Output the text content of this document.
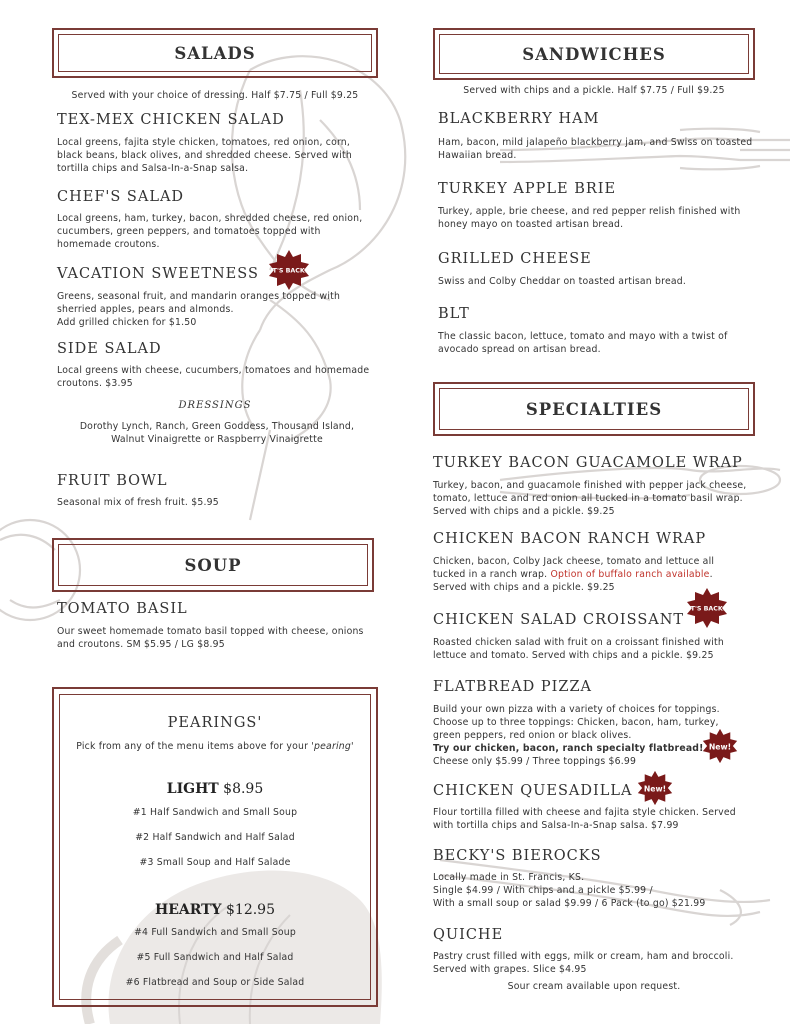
SALADS
Served with your choice of dressing. Half $7.75 / Full $9.25
TEX-MEX CHICKEN SALAD
Local greens, fajita style chicken, tomatoes, red onion, corn,
black beans, black olives, and shredded cheese. Served with
tortilla chips and Salsa-In-a-Snap salsa.
CHEF'S SALAD
Local greens, ham, turkey, bacon, shredded cheese, red onion,
cucumbers, green peppers, and tomatoes topped with
homemade croutons.
VACATION SWEETNESS IT'S BACK!
Greens, seasonal fruit, and mandarin oranges topped with
sherried apples, pears and almonds.
Add grilled chicken for $1.50
SIDE SALAD
Local greens with cheese, cucumbers, tomatoes and homemade
croutons. $3.95
DRESSINGS
Dorothy Lynch, Ranch, Green Goddess, Thousand Island,
Walnut Vinaigrette or Raspberry Vinaigrette
FRUIT BOWL
Seasonal mix of fresh fruit. $5.95
SOUP
TOMATO BASIL
Our sweet homemade tomato basil topped with cheese, onions
and croutons. SM $5.95 / LG $8.95
PEARINGS'
Pick from any of the menu items above for your 'pearing'
LIGHT $8.95
#1 Half Sandwich and Small Soup
#2 Half Sandwich and Half Salad
#3 Small Soup and Half Salade
HEARTY $12.95
#4 Full Sandwich and Small Soup
#5 Full Sandwich and Half Salad
#6 Flatbread and Soup or Side Salad
SANDWICHES
Served with chips and a pickle. Half $7.75 / Full $9.25
BLACKBERRY HAM
Ham, bacon, mild jalapeño blackberry jam, and Swiss on toasted
Hawaiian bread.
TURKEY APPLE BRIE
Turkey, apple, brie cheese, and red pepper relish finished with
honey mayo on toasted artisan bread.
GRILLED CHEESE
Swiss and Colby Cheddar on toasted artisan bread.
BLT
The classic bacon, lettuce, tomato and mayo with a twist of
avocado spread on artisan bread.
SPECIALTIES
TURKEY BACON GUACAMOLE WRAP
Turkey, bacon, and guacamole finished with pepper jack cheese,
tomato, lettuce and red onion all tucked in a tomato basil wrap.
Served with chips and a pickle. $9.25
CHICKEN BACON RANCH WRAP
Chicken, bacon, Colby Jack cheese, tomato and lettuce all
tucked in a ranch wrap. Option of buffalo ranch available.
Served with chips and a pickle. $9.25
CHICKEN SALAD CROISSANT
IT'S BACK!
Roasted chicken salad with fruit on a croissant finished with
lettuce and tomato. Served with chips and a pickle. $9.25
FLATBREAD PIZZA
Build your own pizza with a variety of choices for toppings.
Choose up to three toppings: Chicken, bacon, ham, turkey,
green peppers, red onion or black olives.
Try our chicken, bacon, ranch specialty flatbread!
Cheese only $5.99 / Three toppings $6.99
New!
CHICKEN QUESADILLA New!
Flour tortilla filled with cheese and fajita style chicken. Served
with tortilla chips and Salsa-In-a-Snap salsa. $7.99
BECKY'S BIEROCKS
Locally made in St. Francis, KS.
Single $4.99 / With chips and a pickle $5.99 /
With a small soup or salad $9.99 / 6 Pack (to go) $21.99
QUICHE
Pastry crust filled with eggs, milk or cream, ham and broccoli.
Served with grapes. Slice $4.95
Sour cream available upon request.
